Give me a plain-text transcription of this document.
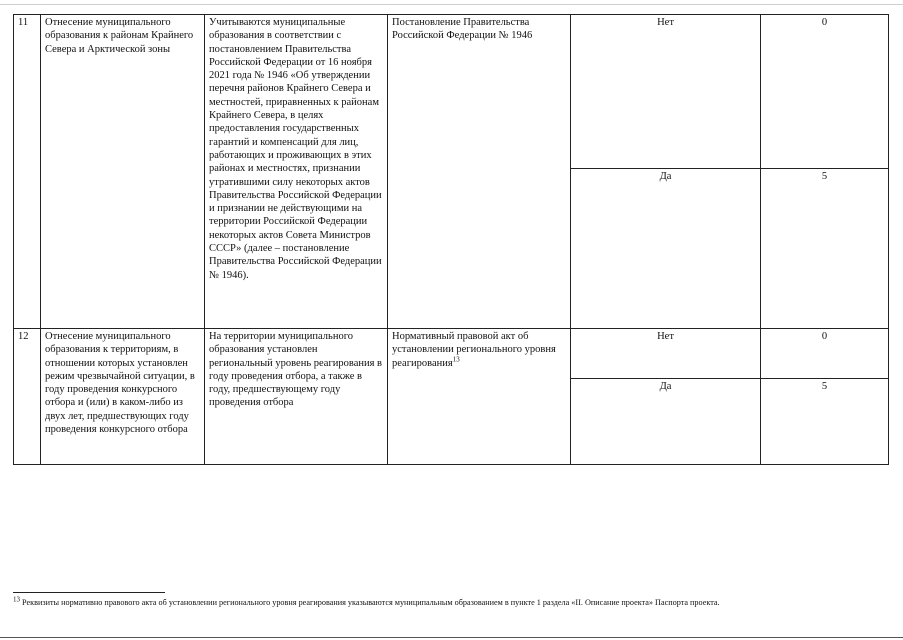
11	Отнесение муниципального образования к районам Крайнего Севера и Арктической зоны	Учитываются муниципальные образования в соответствии с постановлением Правительства Российской Федерации от 16 ноября 2021 года № 1946 «Об утверждении перечня районов Крайнего Севера и местностей, приравненных к районам Крайнего Севера, в целях предоставления государственных гарантий и компенсаций для лиц, работающих и проживающих в этих районах и местностях, признании утратившими силу некоторых актов Правительства Российской Федерации и признании не действующими на территории Российской Федерации некоторых актов Совета Министров СССР» (далее – постановление Правительства Российской Федерации № 1946).	Постановление Правительства Российской Федерации № 1946	Нет	0
				Да	5
12	Отнесение муниципального образования к территориям, в отношении которых установлен режим чрезвычайной ситуации, в году проведения конкурсного отбора и (или) в каком-либо из двух лет, предшествующих году проведения конкурсного отбора	На территории муниципального образования установлен региональный уровень реагирования в году проведения отбора, а также в году, предшествующему году проведения отбора	Нормативный правовой акт об установлении регионального уровня реагирования$^{13}$	Нет	0
				Да	5
$^{13}$ Реквизиты нормативно правового акта об установлении регионального уровня реагирования указываются муниципальным образованием в пункте 1 раздела «II. Описание проекта» Паспорта проекта.
